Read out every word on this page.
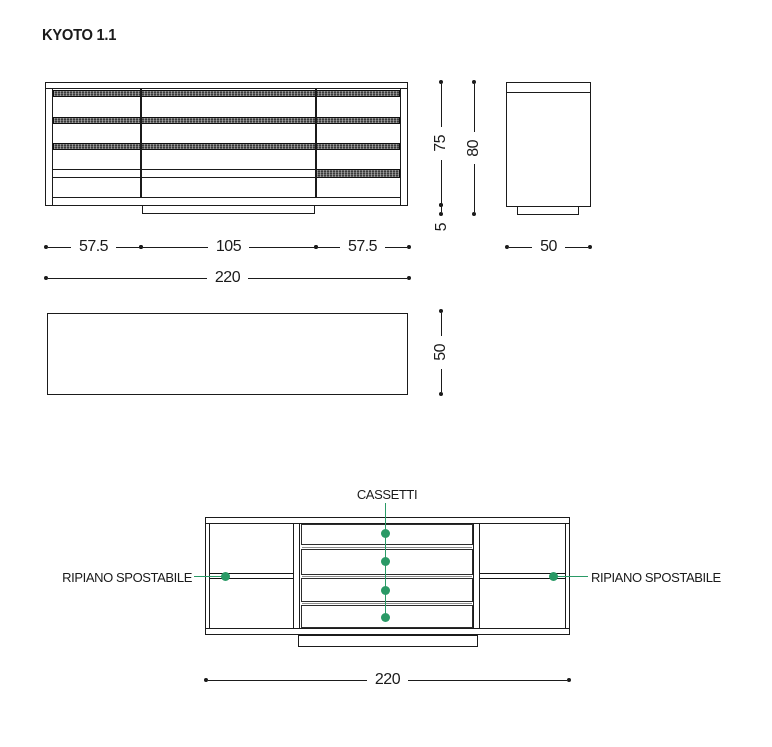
KYOTO 1.1
57.5	105	57.5
220
75 80
5
50
50
CASSETTI
RIPIANO SPOSTABILE	RIPIANO SPOSTABILE
220
